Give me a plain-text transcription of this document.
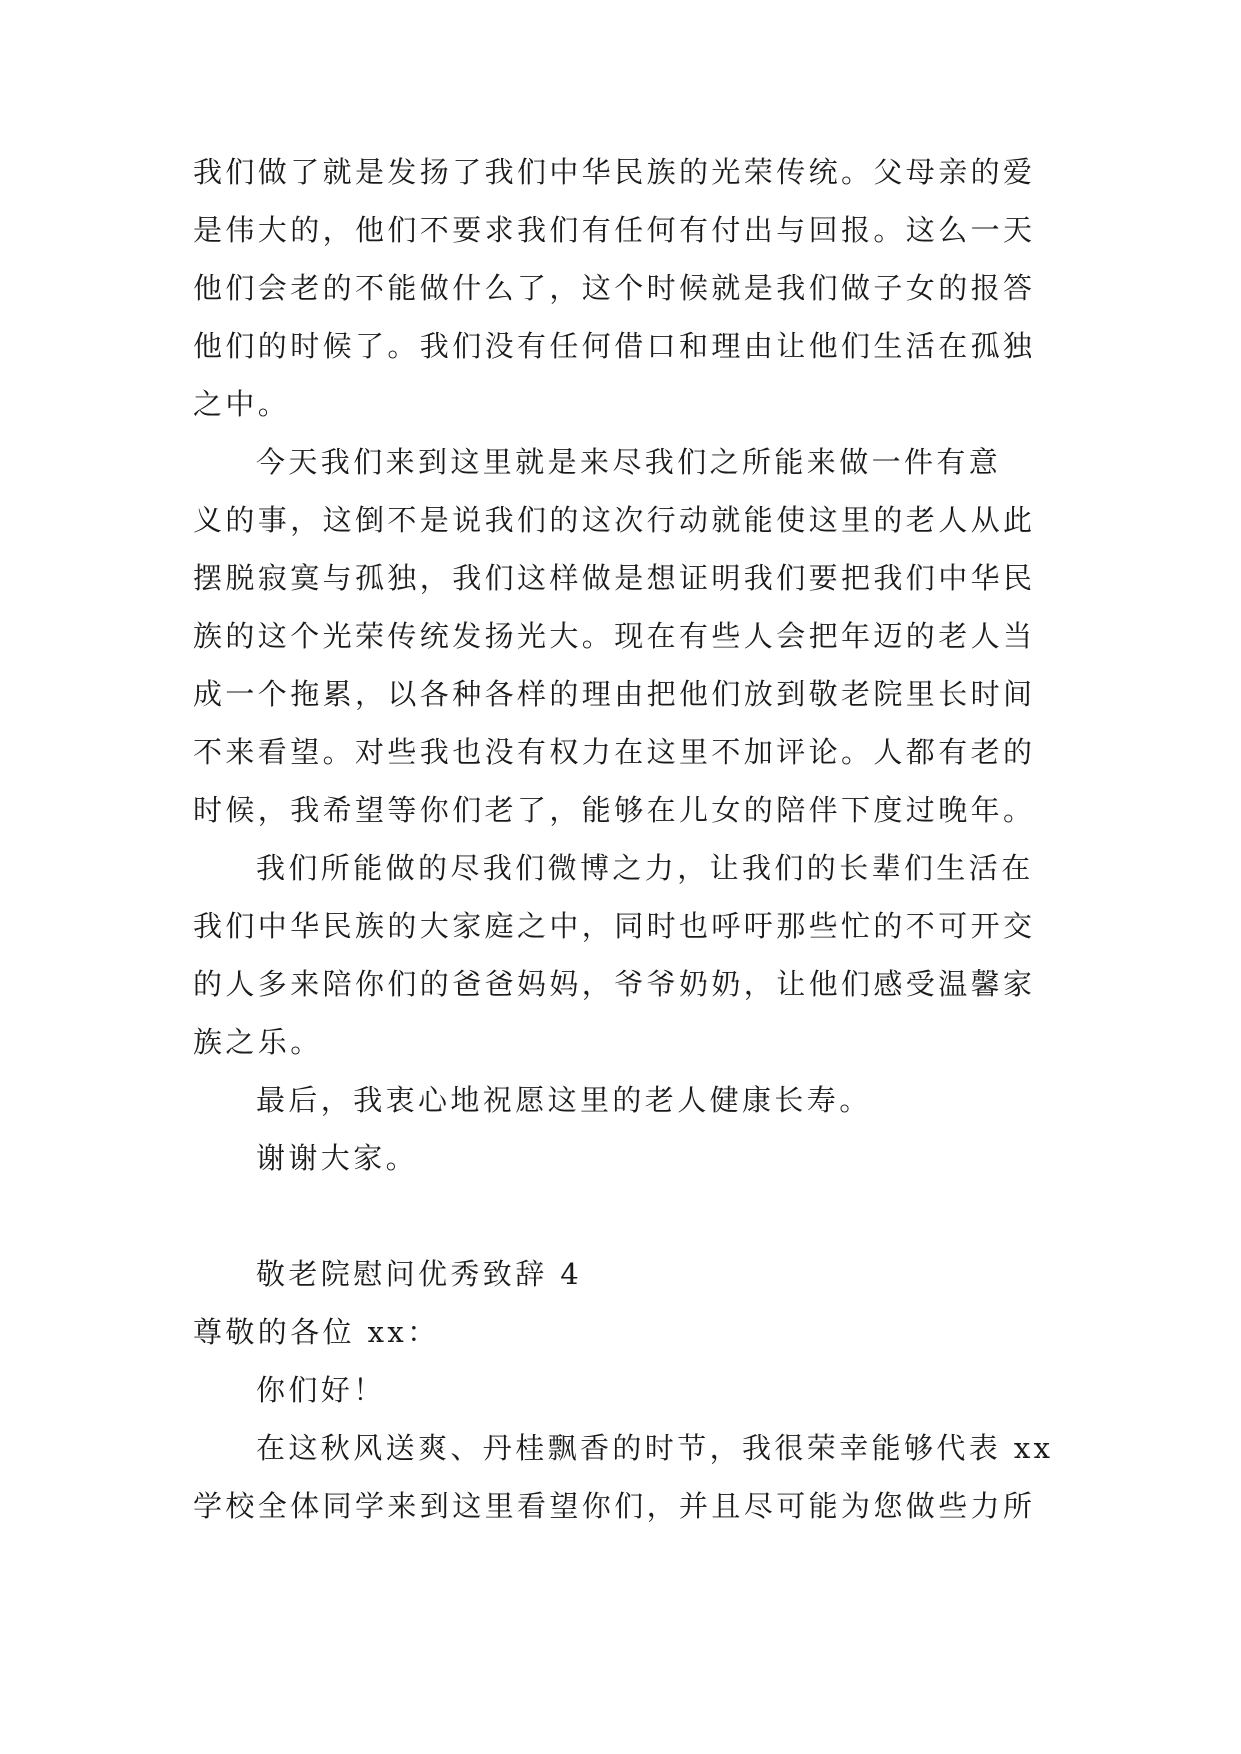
我们做了就是发扬了我们中华民族的光荣传统。父母亲的爱
是伟大的，他们不要求我们有任何有付出与回报。这么一天
他们会老的不能做什么了，这个时候就是我们做子女的报答
他们的时候了。我们没有任何借口和理由让他们生活在孤独
之中。
今天我们来到这里就是来尽我们之所能来做一件有意
义的事，这倒不是说我们的这次行动就能使这里的老人从此
摆脱寂寞与孤独，我们这样做是想证明我们要把我们中华民
族的这个光荣传统发扬光大。现在有些人会把年迈的老人当
成一个拖累，以各种各样的理由把他们放到敬老院里长时间
不来看望。对些我也没有权力在这里不加评论。人都有老的
时候，我希望等你们老了，能够在儿女的陪伴下度过晚年。
我们所能做的尽我们微博之力，让我们的长辈们生活在
我们中华民族的大家庭之中，同时也呼吁那些忙的不可开交
的人多来陪你们的爸爸妈妈，爷爷奶奶，让他们感受温馨家
族之乐。
最后，我衷心地祝愿这里的老人健康长寿。
谢谢大家。
敬老院慰问优秀致辞 4
尊敬的各位 xx：
你们好！
在这秋风送爽、丹桂飘香的时节，我很荣幸能够代表 xx
学校全体同学来到这里看望你们，并且尽可能为您做些力所
